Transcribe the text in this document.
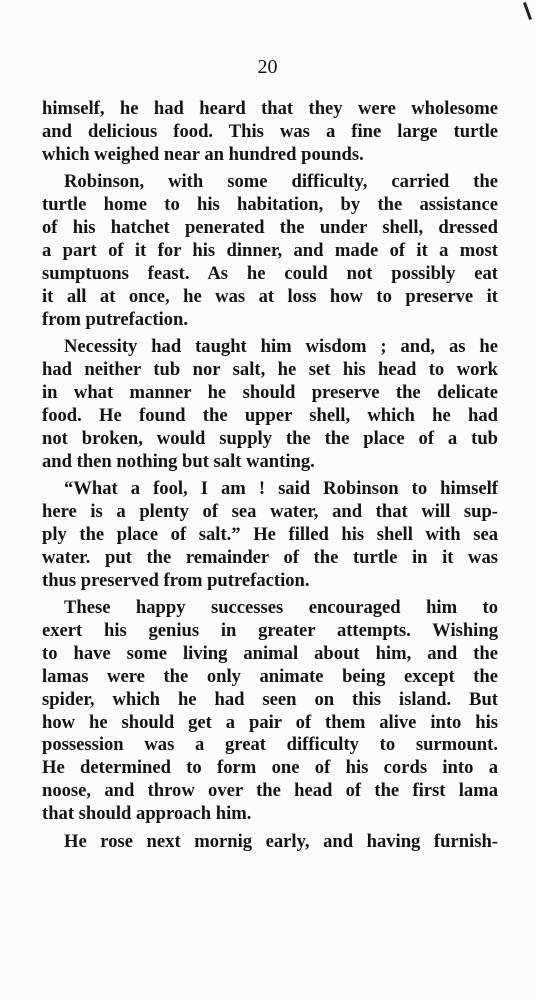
20

himself, he had heard that they were wholesome
and delicious food. This was a fine large turtle
which weighed near an hundred pounds.
Robinson, with some difficulty, carried the
turtle home to his habitation, by the assistance
of his hatchet penerated the under shell, dressed
a part of it for his dinner, and made of it a most
sumptuons feast. As he could not possibly eat
it all at once, he was at loss how to preserve it
from putrefaction.
Necessity had taught him wisdom ; and, as he
had neither tub nor salt, he set his head to work
in what manner he should preserve the delicate
food. He found the upper shell, which he had
not broken, would supply the the place of a tub
and then nothing but salt wanting.
“What a fool, I am ! said Robinson to himself
here is a plenty of sea water, and that will sup-
ply the place of salt.” He filled his shell with sea
water. put the remainder of the turtle in it was
thus preserved from putrefaction.
These happy successes encouraged him to
exert his genius in greater attempts. Wishing
to have some living animal about him, and the
lamas were the only animate being except the
spider, which he had seen on this island. But
how he should get a pair of them alive into his
possession was a great difficulty to surmount.
He determined to form one of his cords into a
noose, and throw over the head of the first lama
that should approach him.
He rose next mornig early, and having furnish-
